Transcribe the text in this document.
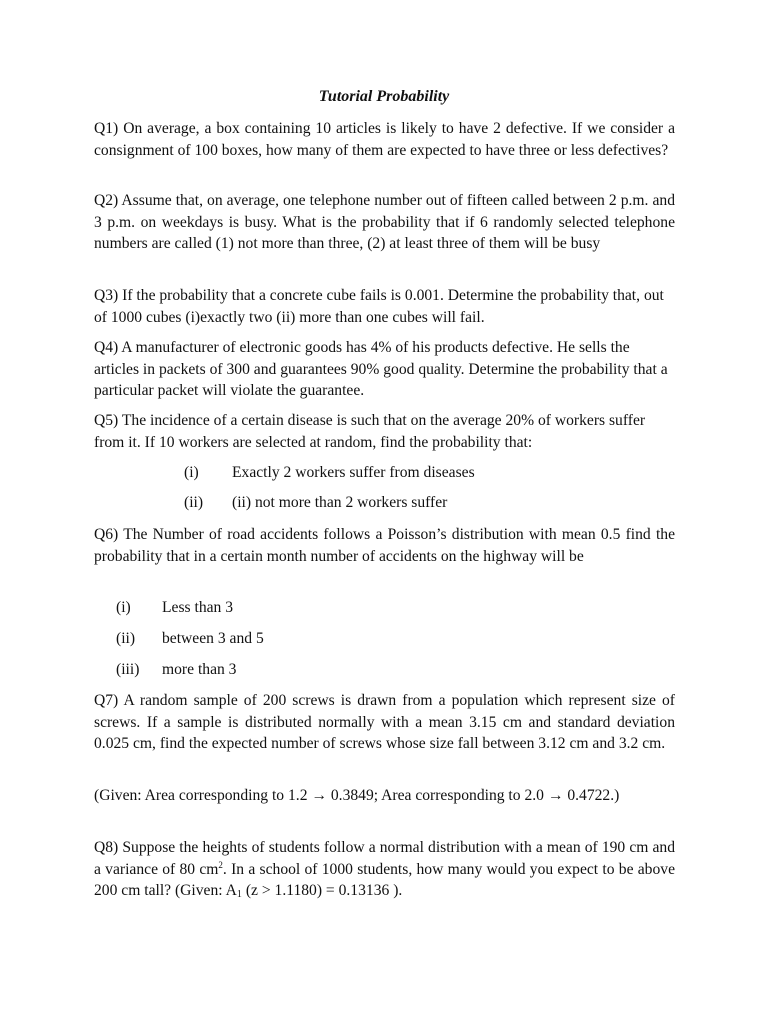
Tutorial Probability
Q1) On average, a box containing 10 articles is likely to have 2 defective. If we consider a consignment of 100 boxes, how many of them are expected to have three or less defectives?
Q2) Assume that, on average, one telephone number out of fifteen called between 2 p.m. and 3 p.m. on weekdays is busy. What is the probability that if 6 randomly selected telephone numbers are called (1) not more than three, (2) at least three of them will be busy
Q3) If the probability that a concrete cube fails is 0.001. Determine the probability that, out of 1000 cubes (i)exactly two (ii) more than one cubes will fail.
Q4) A manufacturer of electronic goods has 4% of his products defective. He sells the articles in packets of 300 and guarantees 90% good quality. Determine the probability that a particular packet will violate the guarantee.
Q5) The incidence of a certain disease is such that on the average 20% of workers suffer from it. If 10 workers are selected at random, find the probability that:
(i) Exactly 2 workers suffer from diseases
(ii) (ii) not more than 2 workers suffer
Q6) The Number of road accidents follows a Poisson’s distribution with mean 0.5 find the probability that in a certain month number of accidents on the highway will be
(i) Less than 3
(ii) between 3 and 5
(iii) more than 3
Q7) A random sample of 200 screws is drawn from a population which represent size of screws. If a sample is distributed normally with a mean 3.15 cm and standard deviation 0.025 cm, find the expected number of screws whose size fall between 3.12 cm and 3.2 cm.
(Given: Area corresponding to 1.2 → 0.3849; Area corresponding to 2.0 → 0.4722.)
Q8) Suppose the heights of students follow a normal distribution with a mean of 190 cm and a variance of 80 $cm^2$. In a school of 1000 students, how many would you expect to be above 200 cm tall? (Given: $A_1$ (z > 1.1180) = 0.13136 ).
